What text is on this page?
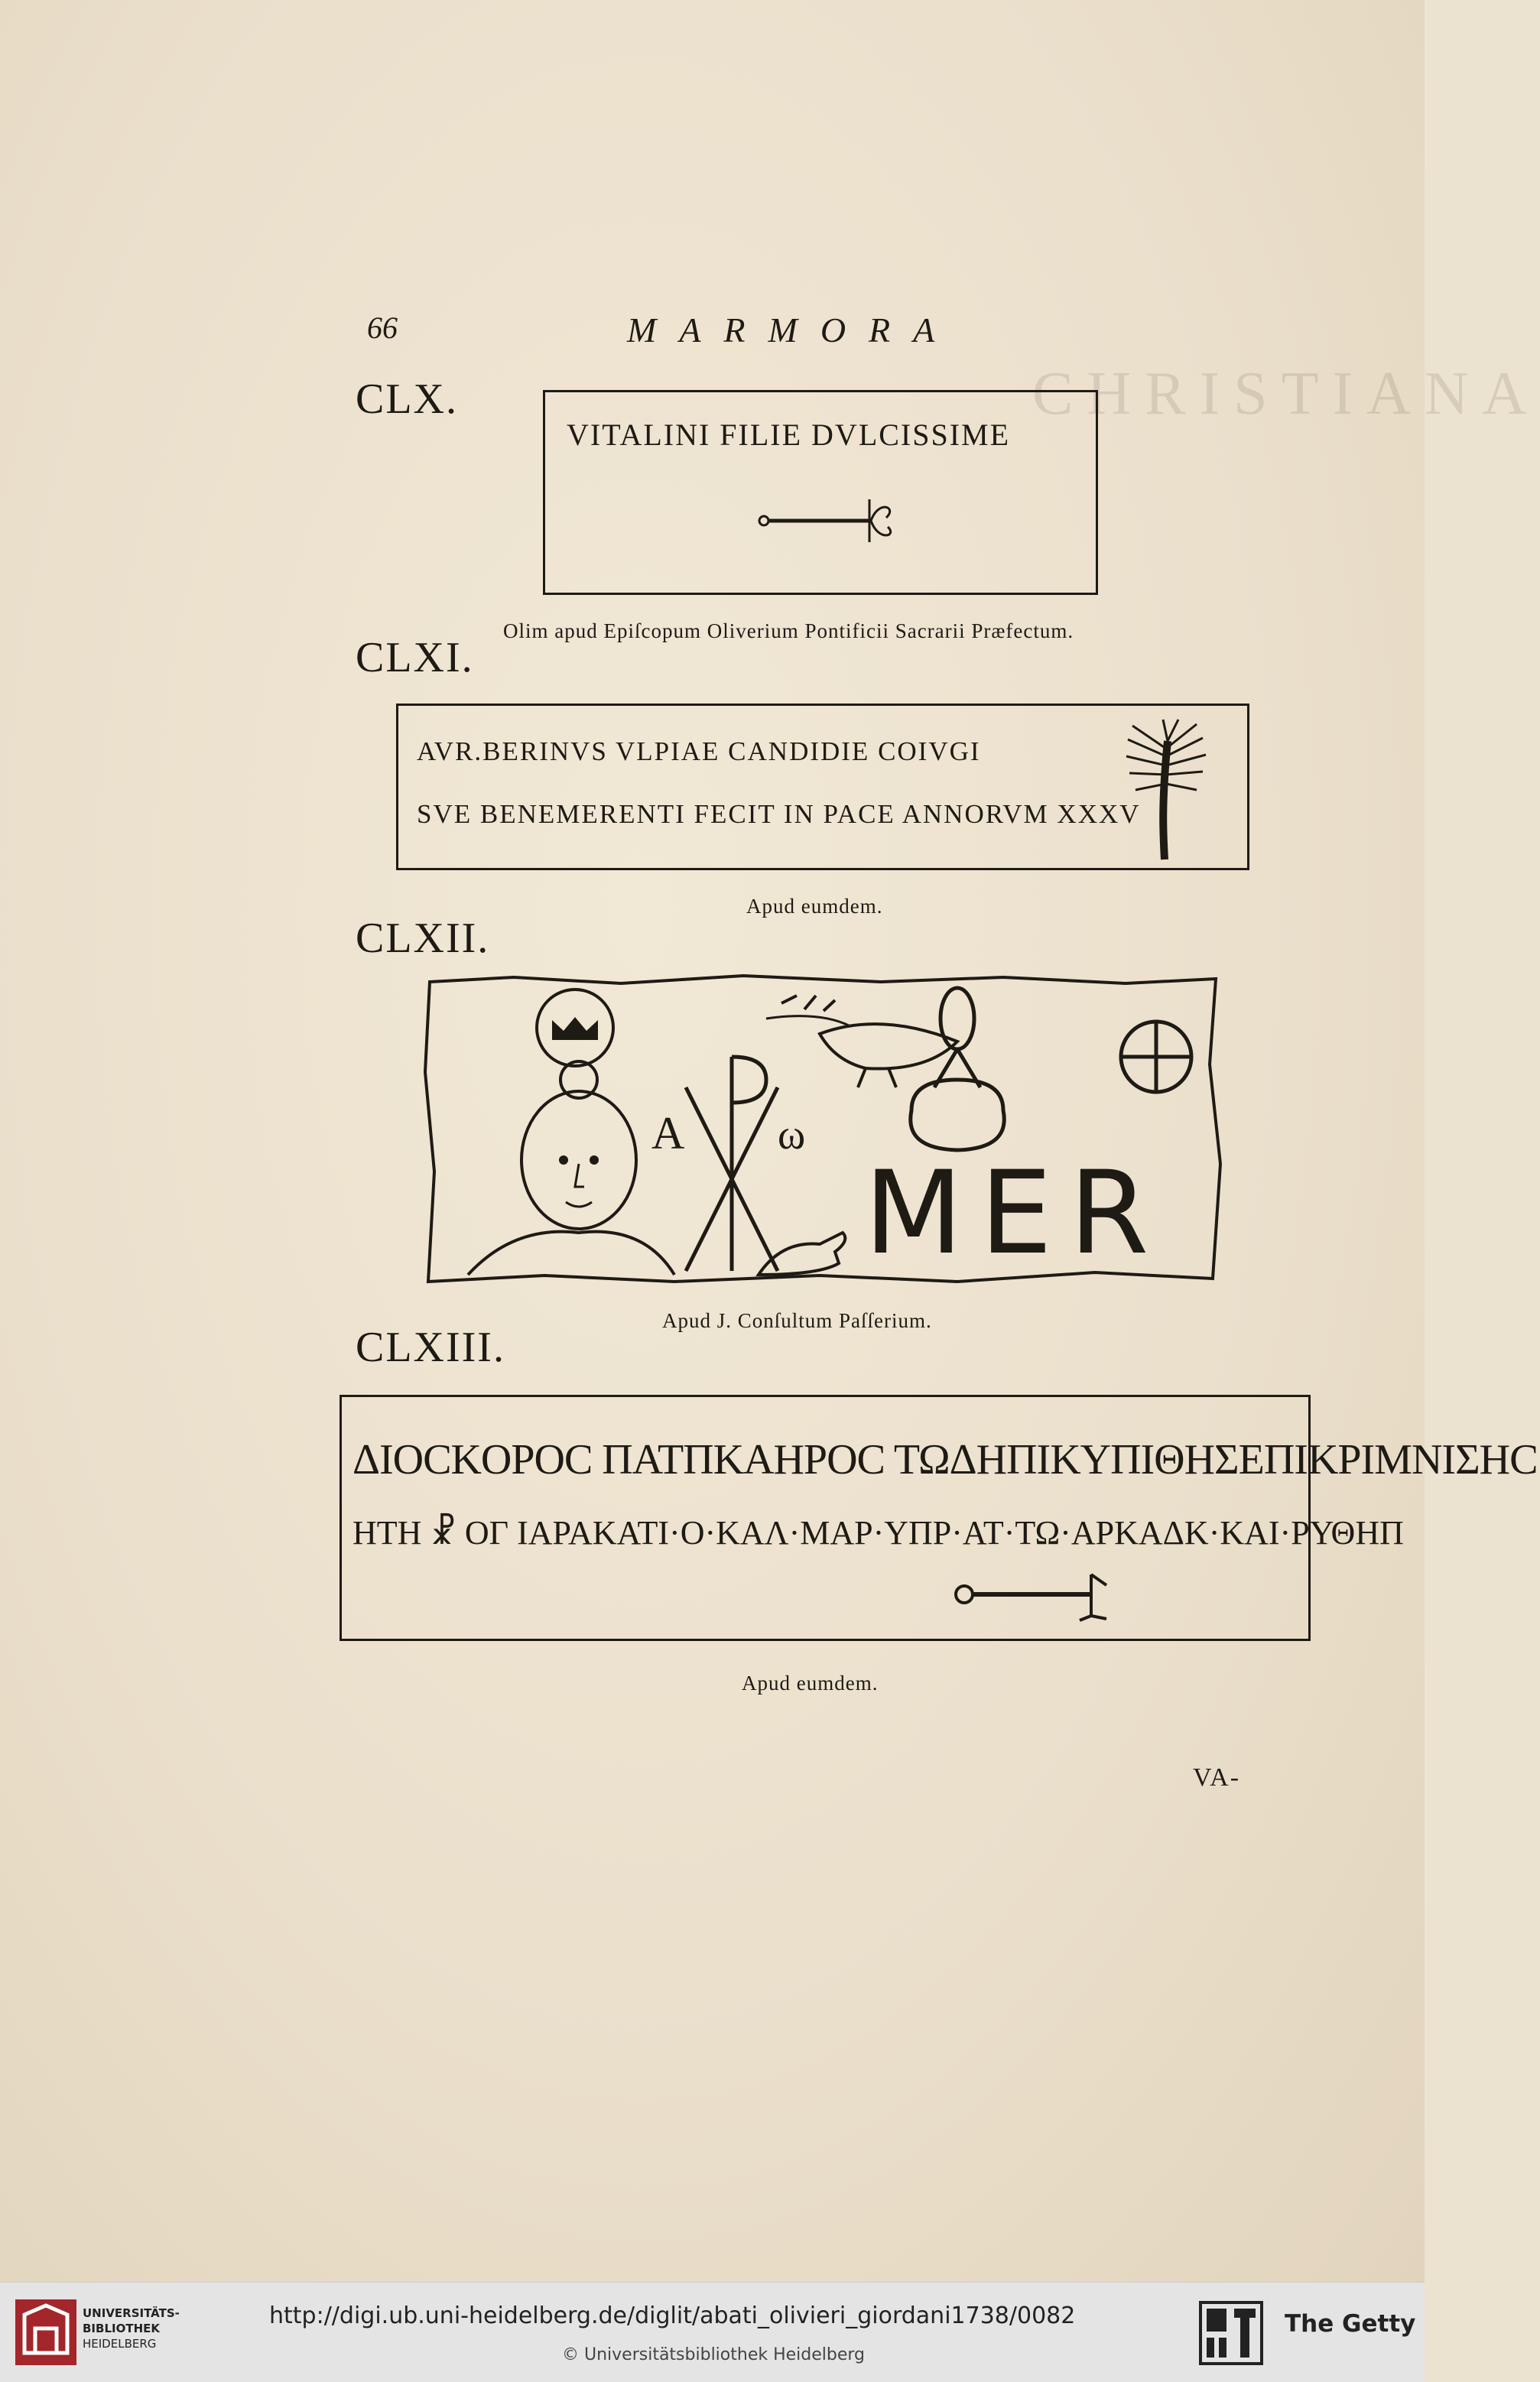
CHRISTIANA
66	MARMORA
CLX.
VITALINI FILIE DVLCISSIME
Olim apud Epiſcopum Oliverium Pontificii Sacrarii Præfectum.
CLXI.
AVR.BERINVS VLPIAE CANDIDIE COIVGI
SVE BENEMERENTI FECIT IN PACE ANNORVM XXXV
Apud eumdem.
CLXII.
A ω
MER
Apud J. Conſultum Paſſerium.
CLXIII.
ΔIOϹKOPOϹ ΠATΠKAHPOϹ ΤΩΔΗΠΙΚΥΠΙΘΗΣΕΠΙΚΡΙΜΝΙΣΗϹ
ΗΤΗ ☧ ΟΓ ΙΑΡΑΚΑΤΙ·Ο·ΚΑΛ·ΜΑΡ·ΥΠΡ·ΑΤ·ΤΩ·ΑΡΚΑΔΚ·ΚΑΙ·ΡΥΘΗΠ
Apud eumdem.
VA-
UNIVERSITÄTS-
BIBLIOTHEK
HEIDELBERG
http://digi.ub.uni-heidelberg.de/diglit/abati_olivieri_giordani1738/0082
© Universitätsbibliothek Heidelberg
The Getty
